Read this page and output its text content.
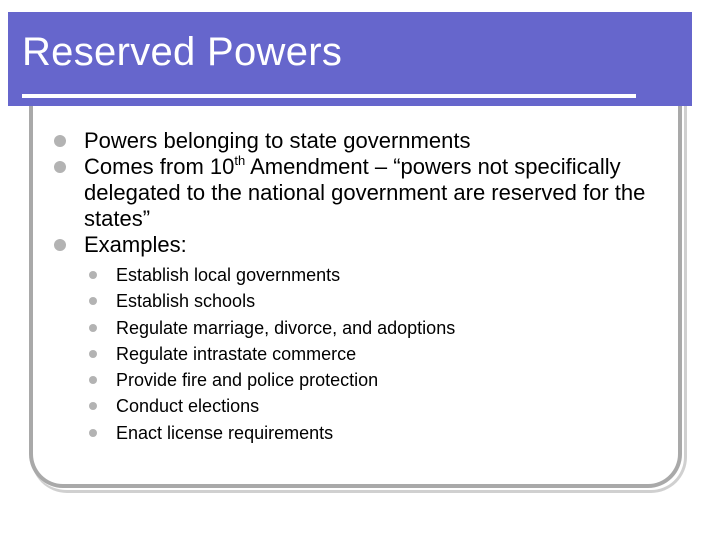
Reserved Powers
Powers belonging to state governments
Comes from 10th Amendment – “powers not specifically delegated to the national government are reserved for the states”
Examples:
Establish local governments
Establish schools
Regulate marriage, divorce, and adoptions
Regulate intrastate commerce
Provide fire and police protection
Conduct elections
Enact license requirements
